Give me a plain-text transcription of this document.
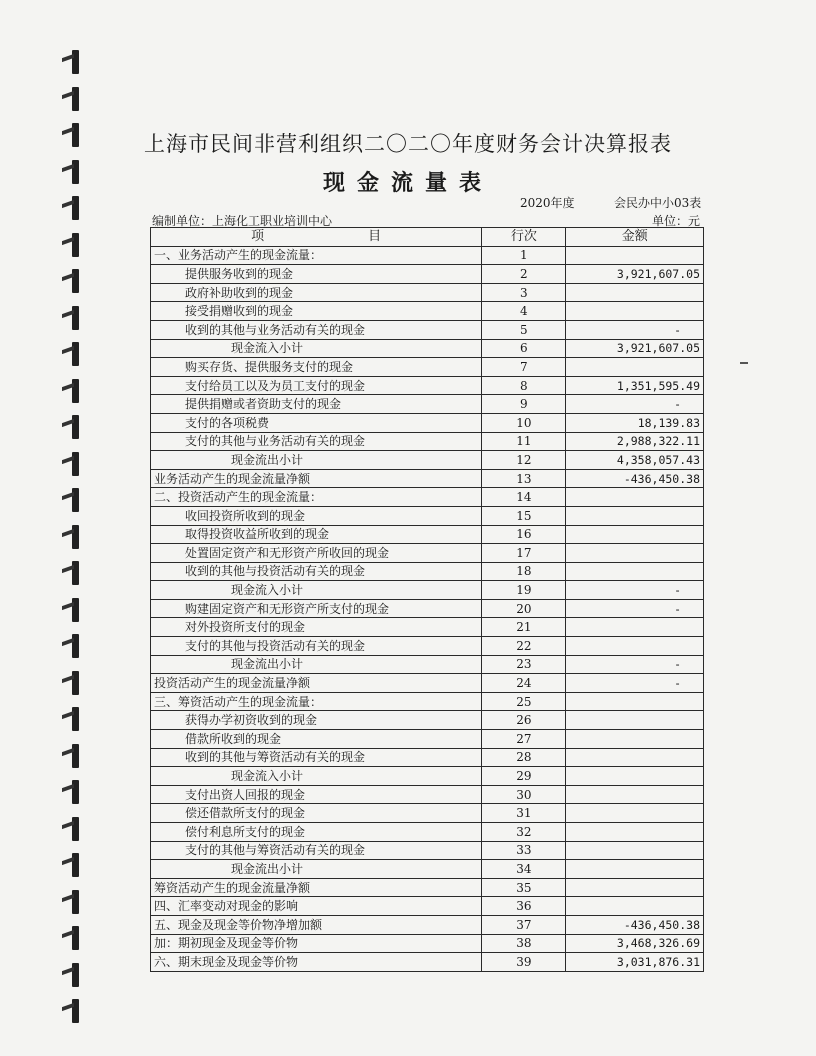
上海市民间非营利组织二〇二〇年度财务会计决算报表
现金流量表
2020年度	会民办中小03表
编制单位：上海化工职业培训中心	单位：元
项　　　　　　　　目	行次	金额
一、业务活动产生的现金流量：	1	
提供服务收到的现金	2	3,921,607.05
政府补助收到的现金	3	
接受捐赠收到的现金	4	
收到的其他与业务活动有关的现金	5	-
现金流入小计	6	3,921,607.05
购买存货、提供服务支付的现金	7	
支付给员工以及为员工支付的现金	8	1,351,595.49
提供捐赠或者资助支付的现金	9	-
支付的各项税费	10	18,139.83
支付的其他与业务活动有关的现金	11	2,988,322.11
现金流出小计	12	4,358,057.43
业务活动产生的现金流量净额	13	-436,450.38
二、投资活动产生的现金流量：	14	
收回投资所收到的现金	15	
取得投资收益所收到的现金	16	
处置固定资产和无形资产所收回的现金	17	
收到的其他与投资活动有关的现金	18	
现金流入小计	19	-
购建固定资产和无形资产所支付的现金	20	-
对外投资所支付的现金	21	
支付的其他与投资活动有关的现金	22	
现金流出小计	23	-
投资活动产生的现金流量净额	24	-
三、筹资活动产生的现金流量：	25	
获得办学初资收到的现金	26	
借款所收到的现金	27	
收到的其他与筹资活动有关的现金	28	
现金流入小计	29	
支付出资人回报的现金	30	
偿还借款所支付的现金	31	
偿付利息所支付的现金	32	
支付的其他与筹资活动有关的现金	33	
现金流出小计	34	
筹资活动产生的现金流量净额	35	
四、汇率变动对现金的影响	36	
五、现金及现金等价物净增加额	37	-436,450.38
加：期初现金及现金等价物	38	3,468,326.69
六、期末现金及现金等价物	39	3,031,876.31
